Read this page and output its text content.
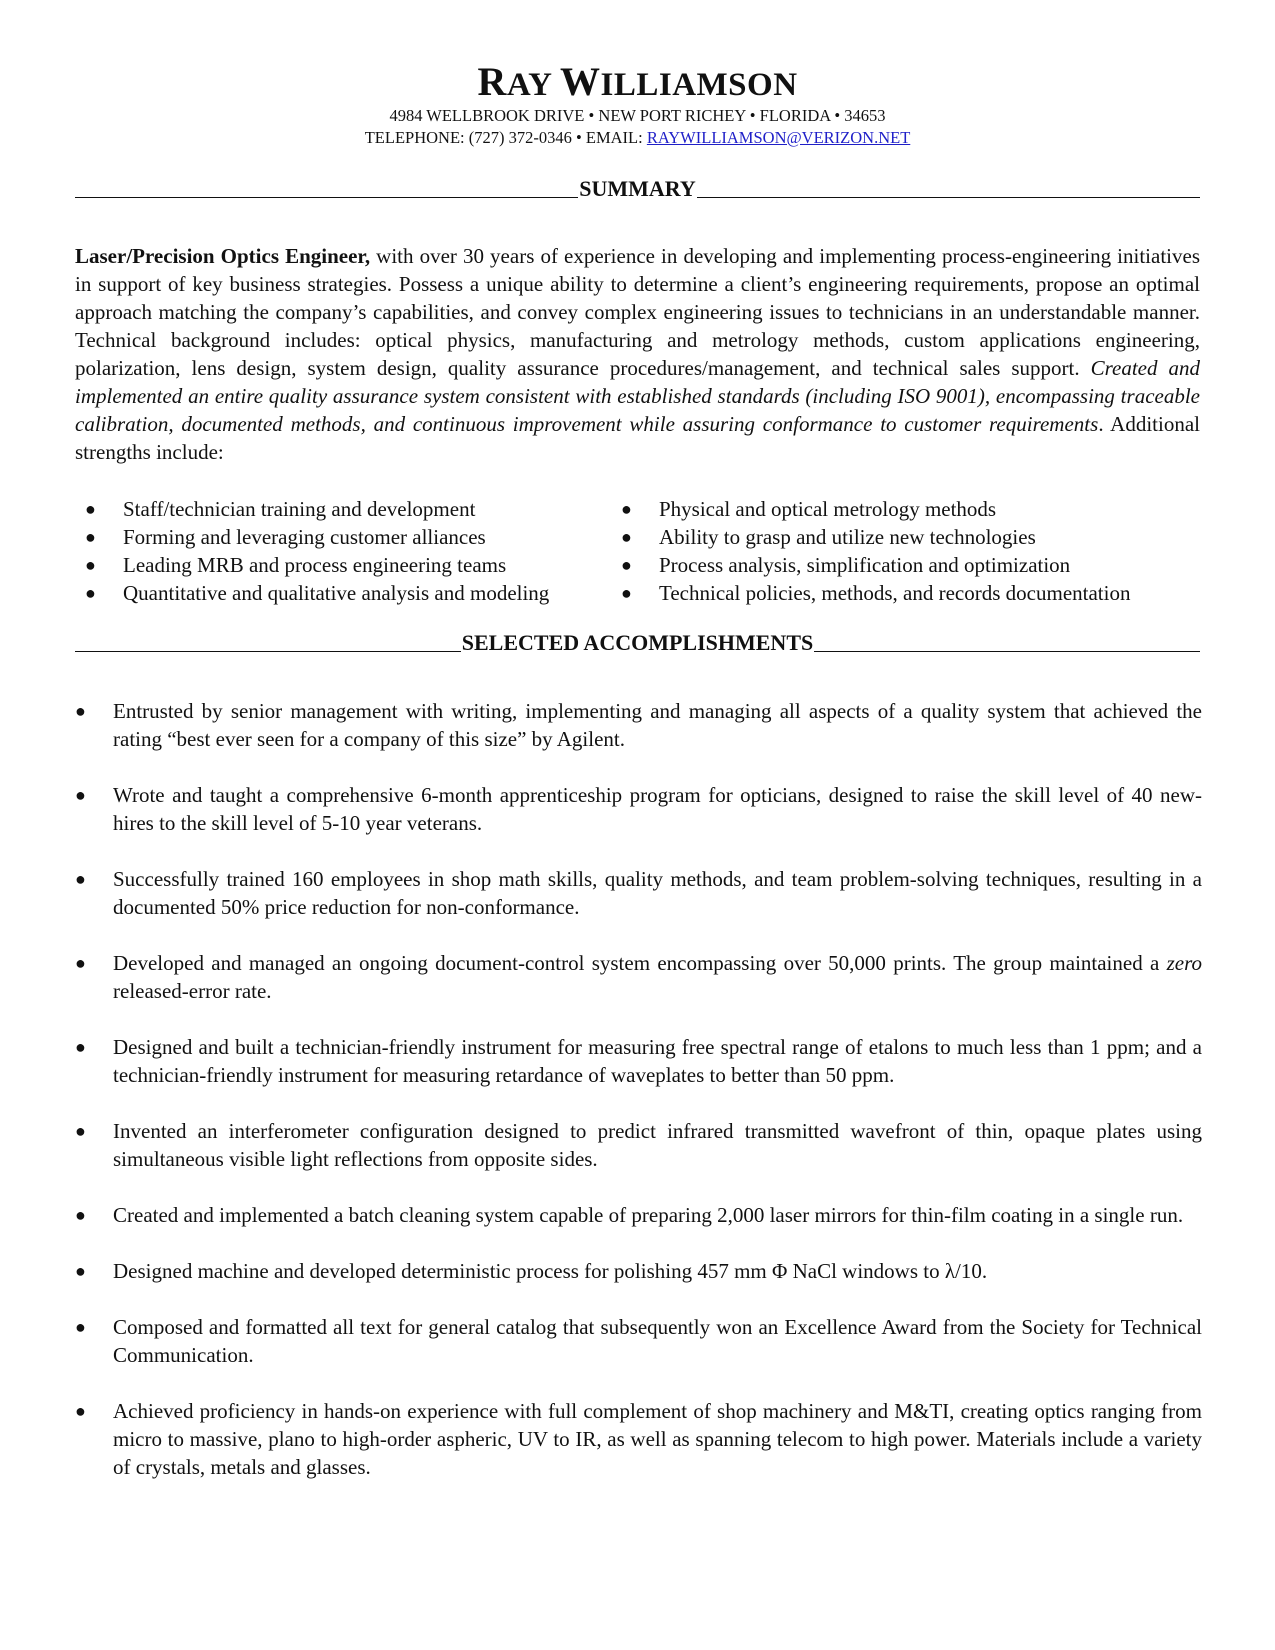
RAY WILLIAMSON
4984 WELLBROOK DRIVE • NEW PORT RICHEY • FLORIDA • 34653
TELEPHONE: (727) 372-0346 • EMAIL: RAYWILLIAMSON@VERIZON.NET
SUMMARY

Laser/Precision Optics Engineer, with over 30 years of experience in developing and implementing process-engineering initiatives in support of key business strategies. Possess a unique ability to determine a client’s engineering requirements, propose an optimal approach matching the company’s capabilities, and convey complex engineering issues to technicians in an understandable manner. Technical background includes: optical physics, manufacturing and metrology methods, custom applications engineering, polarization, lens design, system design, quality assurance procedures/management, and technical sales support. Created and implemented an entire quality assurance system consistent with established standards (including ISO 9001), encompassing traceable calibration, documented methods, and continuous improvement while assuring conformance to customer requirements. Additional strengths include:

● Staff/technician training and development
● Forming and leveraging customer alliances
● Leading MRB and process engineering teams
● Quantitative and qualitative analysis and modeling
● Physical and optical metrology methods
● Ability to grasp and utilize new technologies
● Process analysis, simplification and optimization
● Technical policies, methods, and records documentation
SELECTED ACCOMPLISHMENTS

● Entrusted by senior management with writing, implementing and managing all aspects of a quality system that achieved the rating “best ever seen for a company of this size” by Agilent.

● Wrote and taught a comprehensive 6-month apprenticeship program for opticians, designed to raise the skill level of 40 new-hires to the skill level of 5-10 year veterans.

● Successfully trained 160 employees in shop math skills, quality methods, and team problem-solving techniques, resulting in a documented 50% price reduction for non-conformance.

● Developed and managed an ongoing document-control system encompassing over 50,000 prints. The group maintained a zero released-error rate.

● Designed and built a technician-friendly instrument for measuring free spectral range of etalons to much less than 1 ppm; and a technician-friendly instrument for measuring retardance of waveplates to better than 50 ppm.

● Invented an interferometer configuration designed to predict infrared transmitted wavefront of thin, opaque plates using simultaneous visible light reflections from opposite sides.

● Created and implemented a batch cleaning system capable of preparing 2,000 laser mirrors for thin-film coating in a single run.

● Designed machine and developed deterministic process for polishing 457 mm Φ NaCl windows to λ/10.

● Composed and formatted all text for general catalog that subsequently won an Excellence Award from the Society for Technical Communication.

● Achieved proficiency in hands-on experience with full complement of shop machinery and M&TI, creating optics ranging from micro to massive, plano to high-order aspheric, UV to IR, as well as spanning telecom to high power. Materials include a variety of crystals, metals and glasses.
